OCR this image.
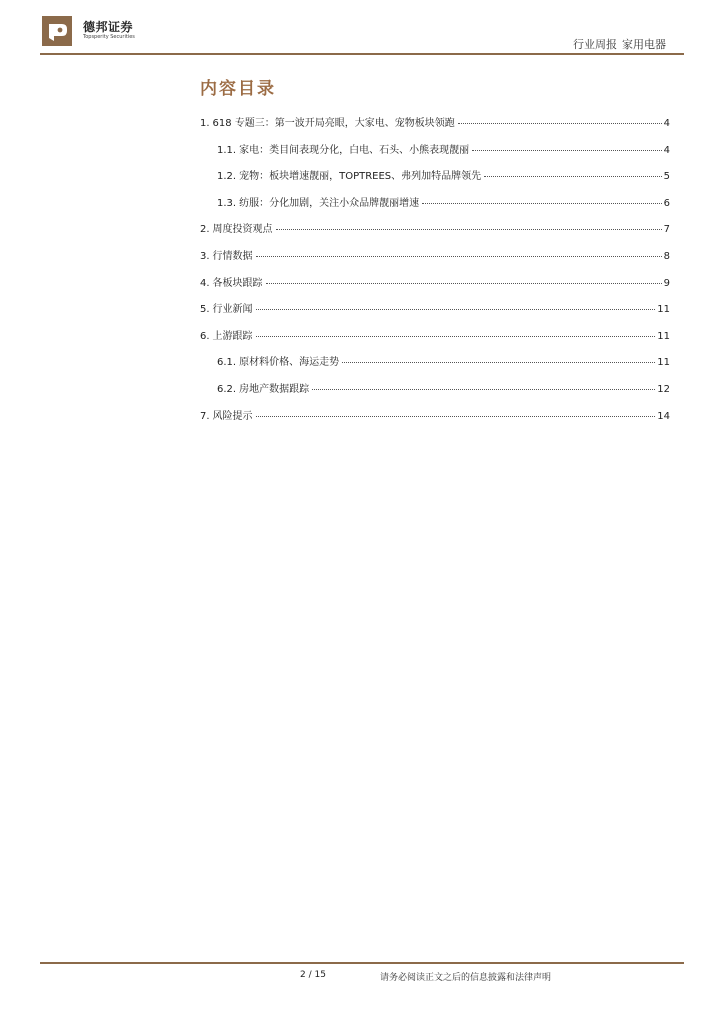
德邦证券
Topsperity Securities
行业周报 家用电器
内容目录
1. 618 专题三：第一波开局亮眼，大家电、宠物板块领跑	4
1.1. 家电：类目间表现分化，白电、石头、小熊表现靓丽	4
1.2. 宠物：板块增速靓丽，TOPTREES、弗列加特品牌领先	5
1.3. 纺服：分化加剧，关注小众品牌靓丽增速	6
2. 周度投资观点	7
3. 行情数据	8
4. 各板块跟踪	9
5. 行业新闻	11
6. 上游跟踪	11
6.1. 原材料价格、海运走势	11
6.2. 房地产数据跟踪	12
7. 风险提示	14
2 / 15	请务必阅读正文之后的信息披露和法律声明
